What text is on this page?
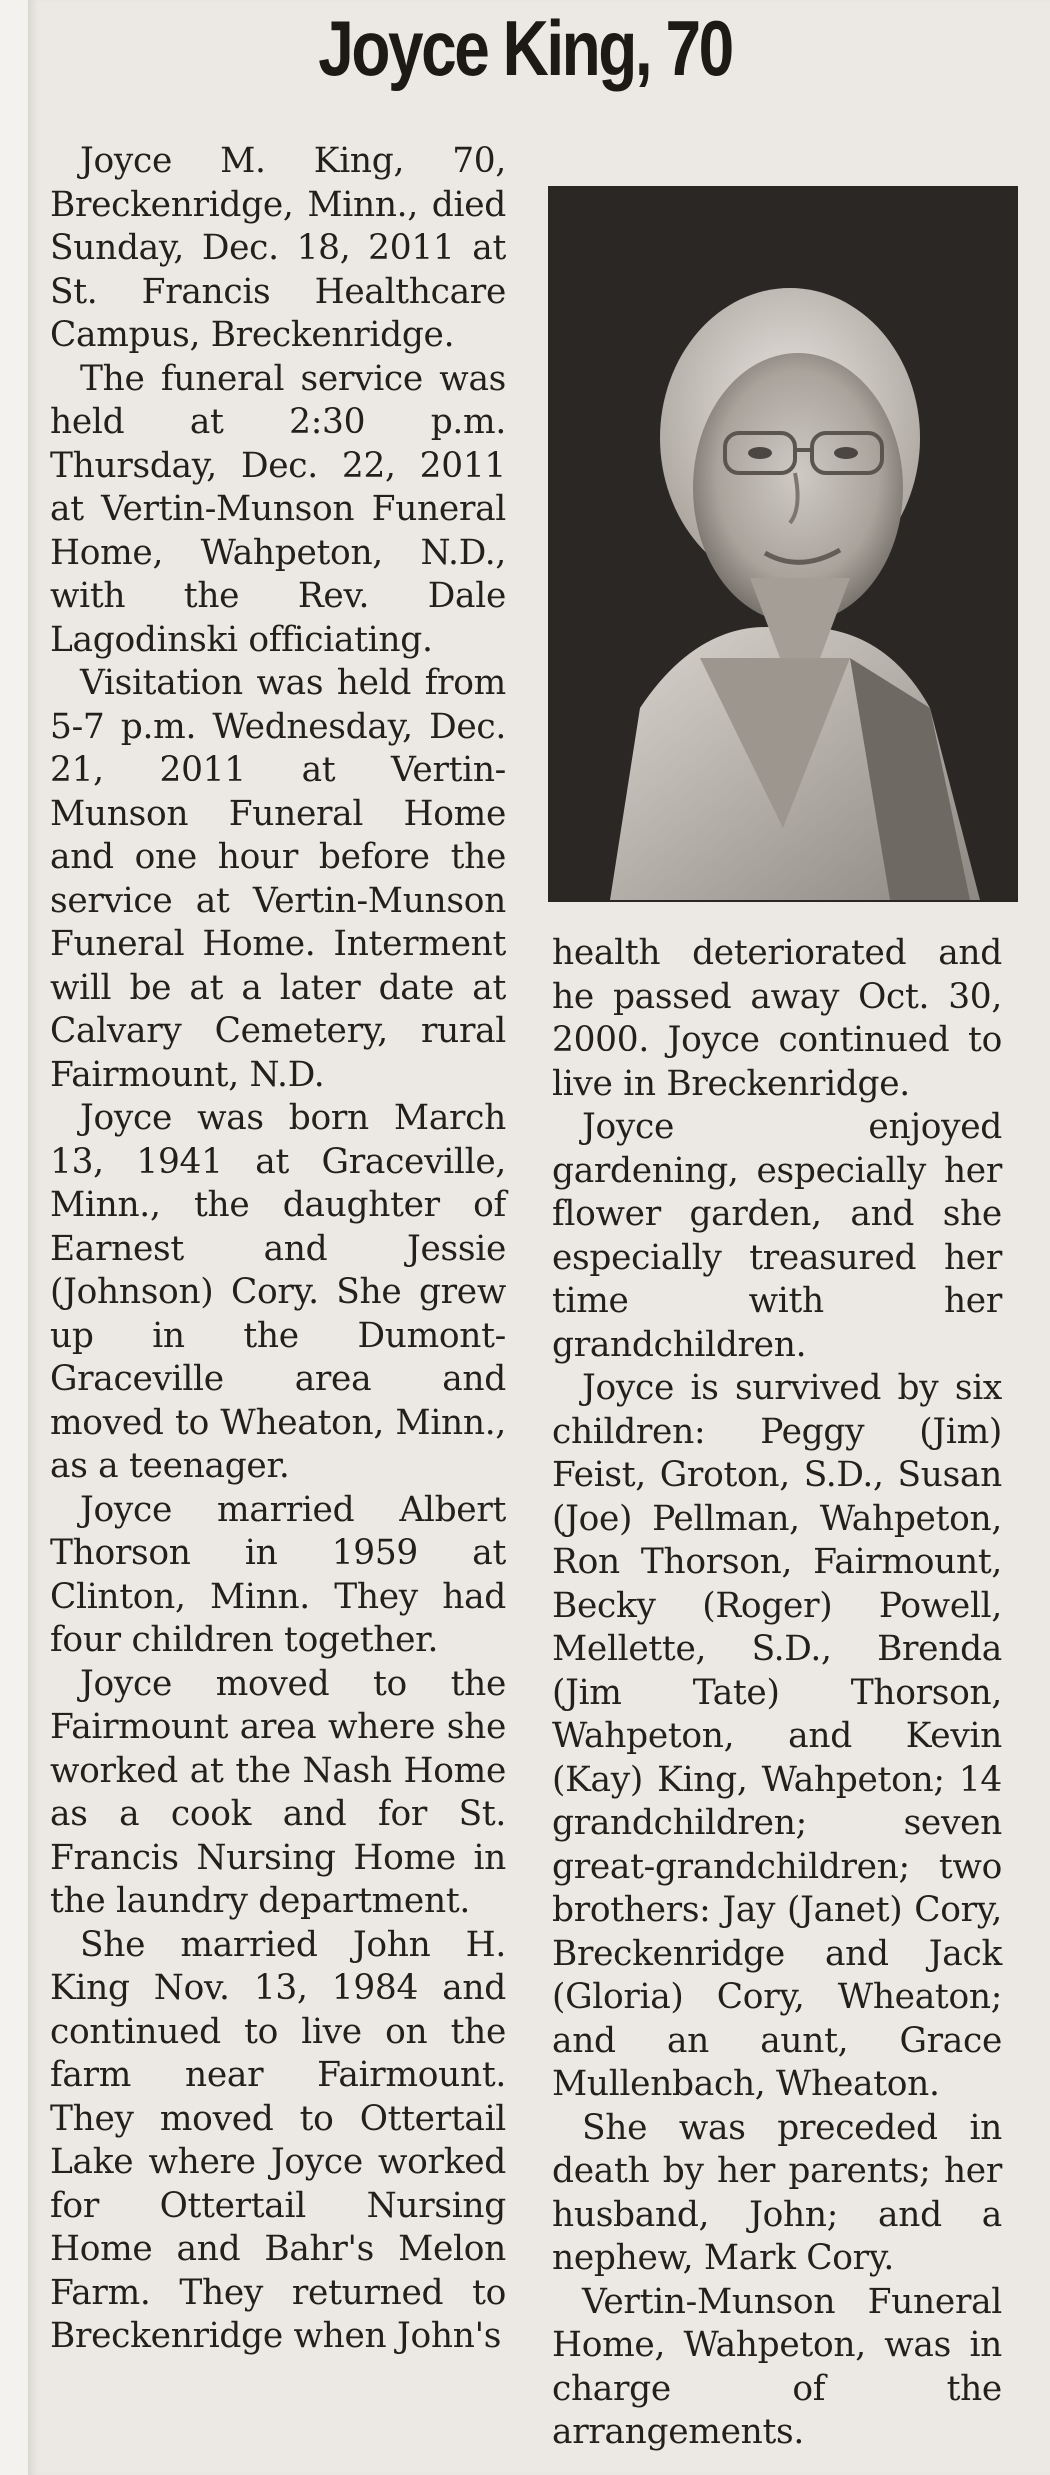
Joyce King, 70

Joyce M. King, 70, Breckenridge, Minn., died Sunday, Dec. 18, 2011 at St. Francis Healthcare Campus, Breckenridge.

The funeral service was held at 2:30 p.m. Thursday, Dec. 22, 2011 at Vertin-Munson Funeral Home, Wahpeton, N.D., with the Rev. Dale Lagodinski officiating.

Visitation was held from 5-7 p.m. Wednesday, Dec. 21, 2011 at Vertin-Munson Funeral Home and one hour before the service at Vertin-Munson Funeral Home. Interment will be at a later date at Calvary Cemetery, rural Fairmount, N.D.

Joyce was born March 13, 1941 at Graceville, Minn., the daughter of Earnest and Jessie (Johnson) Cory. She grew up in the Dumont-Graceville area and moved to Wheaton, Minn., as a teenager.

Joyce married Albert Thorson in 1959 at Clinton, Minn. They had four children together.

Joyce moved to the Fairmount area where she worked at the Nash Home as a cook and for St. Francis Nursing Home in the laundry department.

She married John H. King Nov. 13, 1984 and continued to live on the farm near Fairmount. They moved to Ottertail Lake where Joyce worked for Ottertail Nursing Home and Bahr's Melon Farm. They returned to Breckenridge when John's

health deteriorated and he passed away Oct. 30, 2000. Joyce continued to live in Breckenridge.

Joyce enjoyed gardening, especially her flower garden, and she especially treasured her time with her grandchildren.

Joyce is survived by six children: Peggy (Jim) Feist, Groton, S.D., Susan (Joe) Pellman, Wahpeton, Ron Thorson, Fairmount, Becky (Roger) Powell, Mellette, S.D., Brenda (Jim Tate) Thorson, Wahpeton, and Kevin (Kay) King, Wahpeton; 14 grandchildren; seven great-grandchildren; two brothers: Jay (Janet) Cory, Breckenridge and Jack (Gloria) Cory, Wheaton; and an aunt, Grace Mullenbach, Wheaton.

She was preceded in death by her parents; her husband, John; and a nephew, Mark Cory.

Vertin-Munson Funeral Home, Wahpeton, was in charge of the arrangements.
